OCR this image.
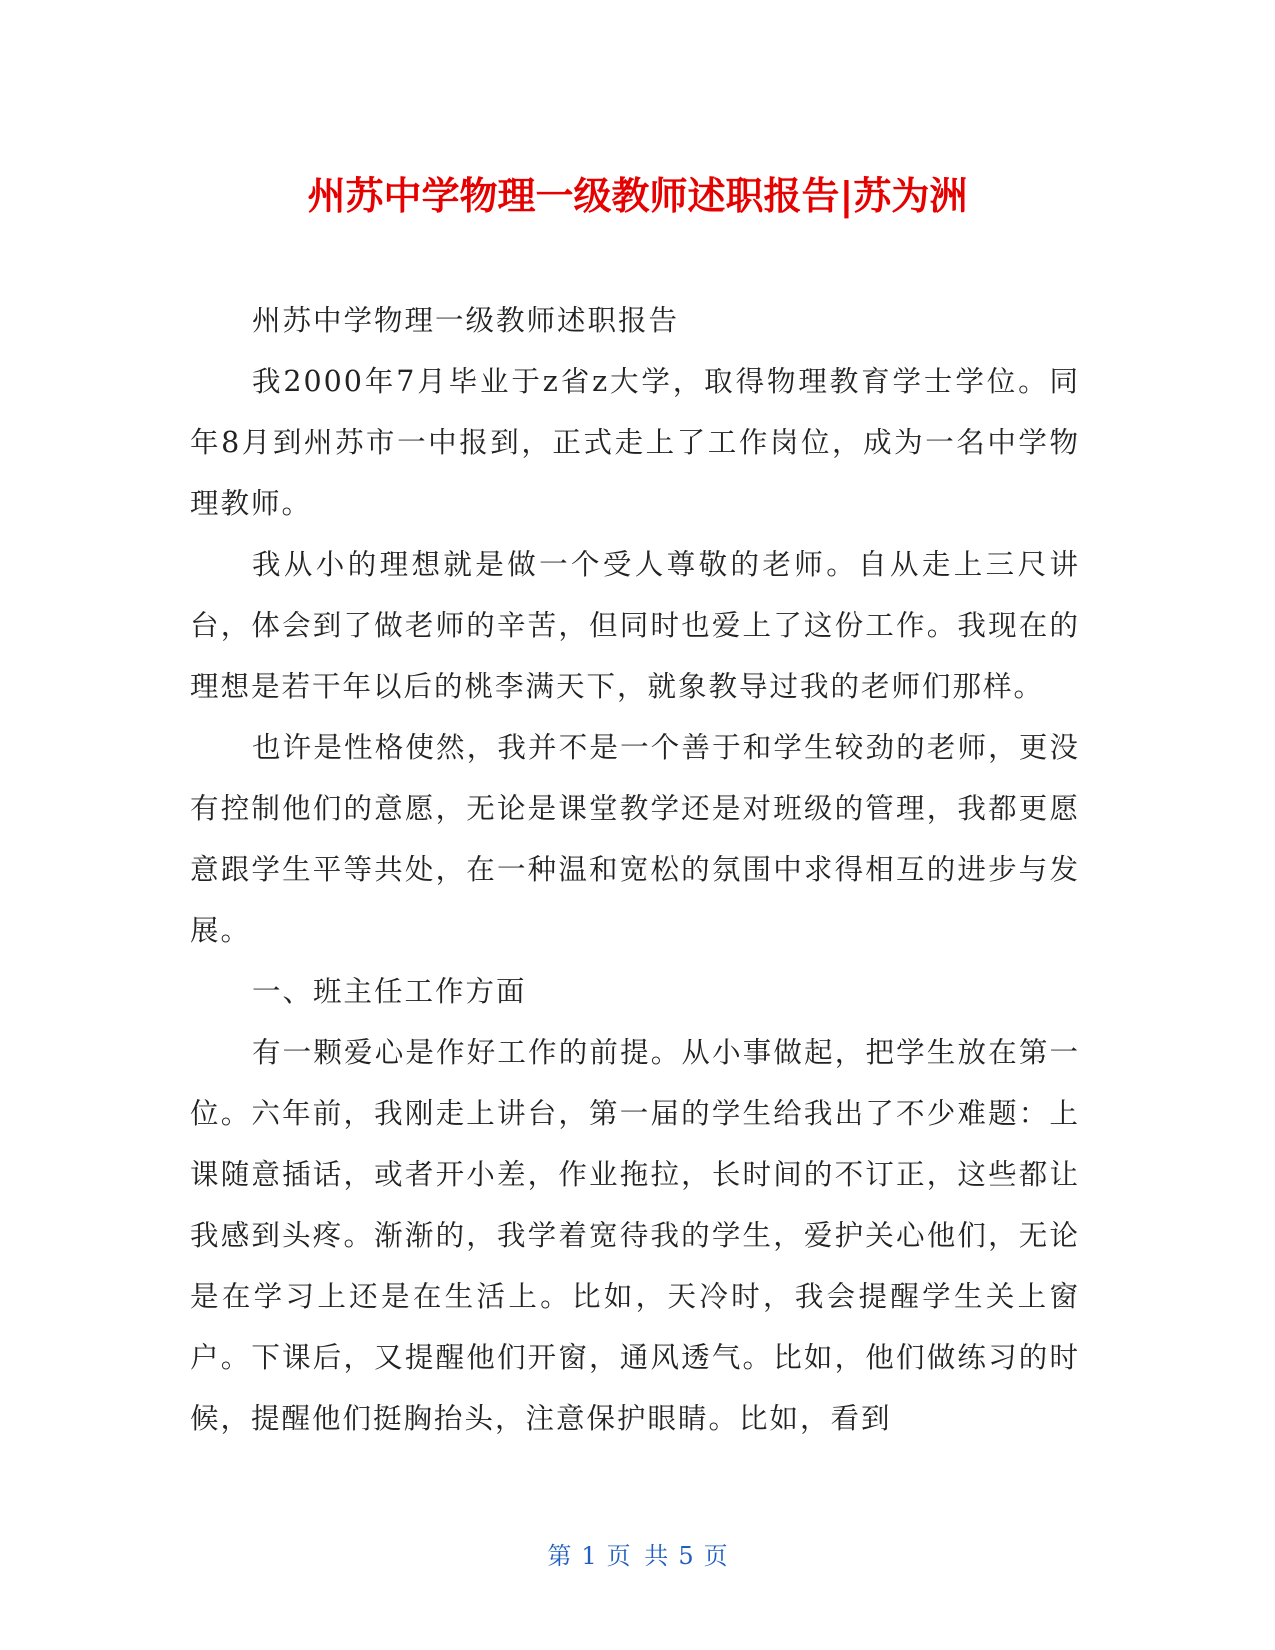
州苏中学物理一级教师述职报告|苏为洲

州苏中学物理一级教师述职报告

我2000年7月毕业于z省z大学，取得物理教育学士学位。同年8月到州苏市一中报到，正式走上了工作岗位，成为一名中学物理教师。

我从小的理想就是做一个受人尊敬的老师。自从走上三尺讲台，体会到了做老师的辛苦，但同时也爱上了这份工作。我现在的理想是若干年以后的桃李满天下，就象教导过我的老师们那样。

也许是性格使然，我并不是一个善于和学生较劲的老师，更没有控制他们的意愿，无论是课堂教学还是对班级的管理，我都更愿意跟学生平等共处，在一种温和宽松的氛围中求得相互的进步与发展。

一、班主任工作方面

有一颗爱心是作好工作的前提。从小事做起，把学生放在第一位。六年前，我刚走上讲台，第一届的学生给我出了不少难题：上课随意插话，或者开小差，作业拖拉，长时间的不订正，这些都让我感到头疼。渐渐的，我学着宽待我的学生，爱护关心他们，无论是在学习上还是在生活上。比如，天冷时，我会提醒学生关上窗户。下课后，又提醒他们开窗，通风透气。比如，他们做练习的时候，提醒他们挺胸抬头，注意保护眼睛。比如，看到

第 1 页 共 5 页
